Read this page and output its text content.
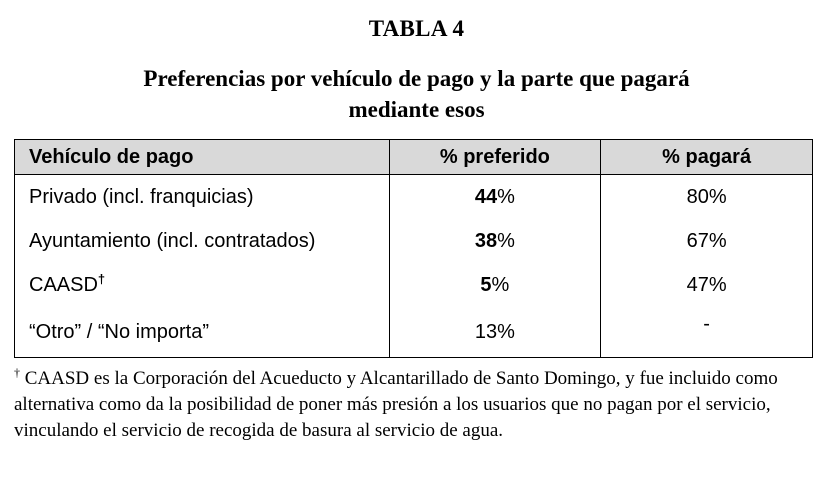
TABLA 4
Preferencias por vehículo de pago y la parte que pagará
mediante esos
Vehículo de pago	% preferido	% pagará
Privado (incl. franquicias)	44%	80%
Ayuntamiento (incl. contratados)	38%	67%
CAASD†	5%	47%
“Otro” / “No importa”	13%	-
† CAASD es la Corporación del Acueducto y Alcantarillado de Santo Domingo, y fue incluido como alternativa como da la posibilidad de poner más presión a los usuarios que no pagan por el servicio, vinculando el servicio de recogida de basura al servicio de agua.
